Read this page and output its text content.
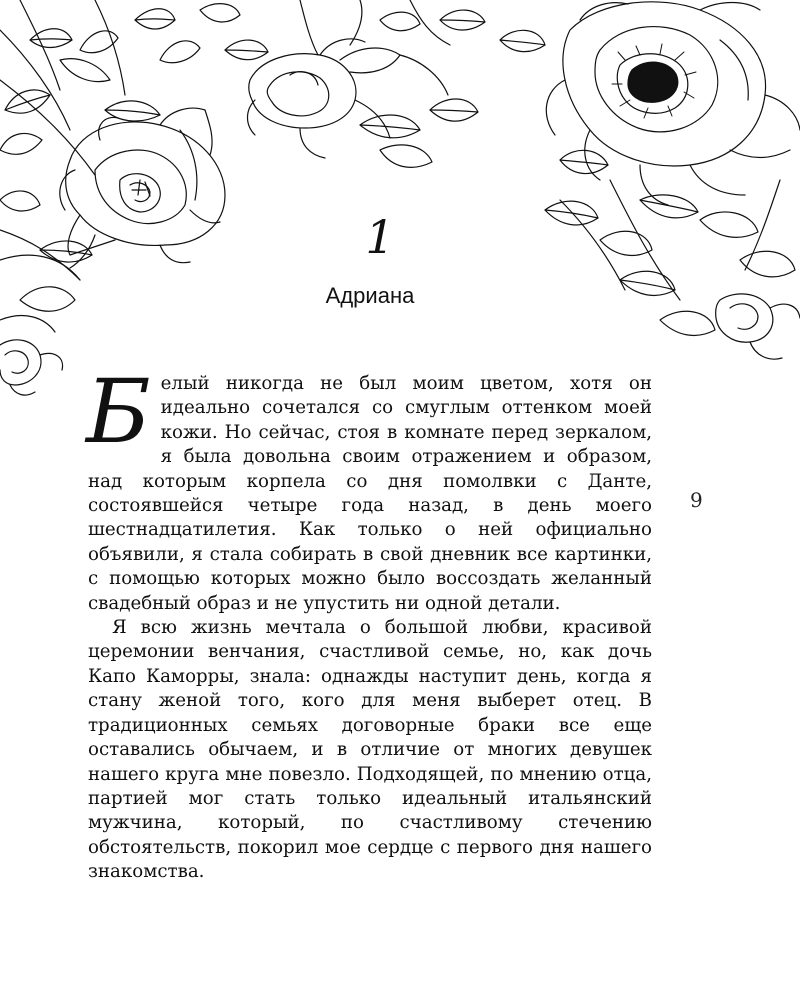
1
Адриана

Белый никогда не был моим цветом, хотя он идеально сочетался со смуглым оттенком моей кожи. Но сейчас, стоя в комнате перед зеркалом, я была довольна своим отражением и образом, над которым корпела со дня помолвки с Данте, состоявшейся четыре года назад, в день моего шестнадцатилетия. Как только о ней официально объявили, я стала собирать в свой дневник все картинки, с помощью которых можно было воссоздать желанный свадебный образ и не упустить ни одной детали.

Я всю жизнь мечтала о большой любви, красивой церемонии венчания, счастливой семье, но, как дочь Капо Каморры, знала: однажды наступит день, когда я стану женой того, кого для меня выберет отец. В традиционных семьях договорные браки все еще оставались обычаем, и в отличие от многих девушек нашего круга мне повезло. Подходящей, по мнению отца, партией мог стать только идеальный итальянский мужчина, который, по счастливому стечению обстоятельств, покорил мое сердце с первого дня нашего знакомства.

9
